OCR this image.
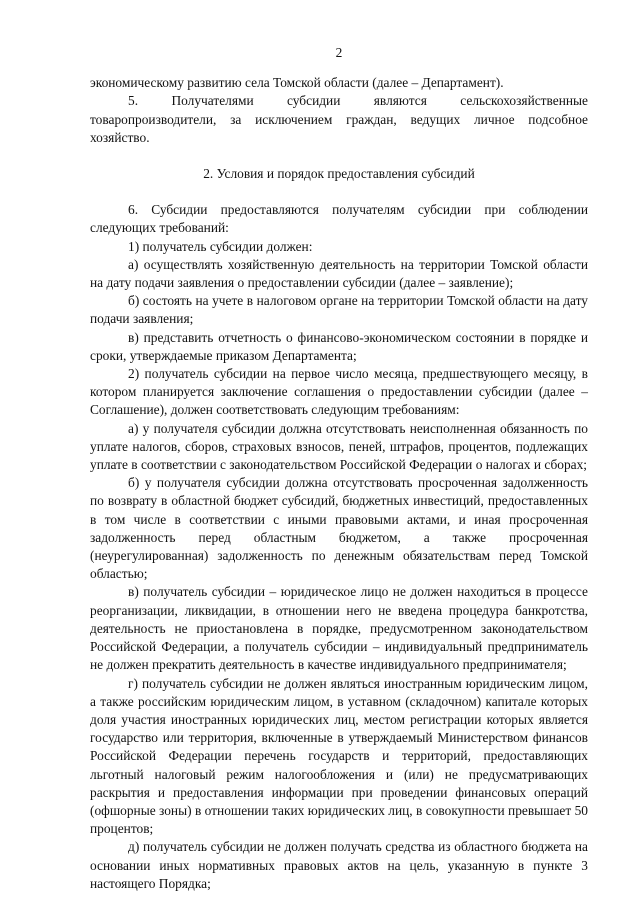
2

экономическому развитию села Томской области (далее – Департамент).

5. Получателями субсидии являются сельскохозяйственные товаропроизводители, за исключением граждан, ведущих личное подсобное хозяйство.

2. Условия и порядок предоставления субсидий

6. Субсидии предоставляются получателям субсидии при соблюдении следующих требований:

1) получатель субсидии должен:

а) осуществлять хозяйственную деятельность на территории Томской области на дату подачи заявления о предоставлении субсидии (далее – заявление);

б) состоять на учете в налоговом органе на территории Томской области на дату подачи заявления;

в) представить отчетность о финансово-экономическом состоянии в порядке и сроки, утверждаемые приказом Департамента;

2) получатель субсидии на первое число месяца, предшествующего месяцу, в котором планируется заключение соглашения о предоставлении субсидии (далее – Соглашение), должен соответствовать следующим требованиям:

а) у получателя субсидии должна отсутствовать неисполненная обязанность по уплате налогов, сборов, страховых взносов, пеней, штрафов, процентов, подлежащих уплате в соответствии с законодательством Российской Федерации о налогах и сборах;

б) у получателя субсидии должна отсутствовать просроченная задолженность по возврату в областной бюджет субсидий, бюджетных инвестиций, предоставленных в том числе в соответствии с иными правовыми актами, и иная просроченная задолженность перед областным бюджетом, а также просроченная (неурегулированная) задолженность по денежным обязательствам перед Томской областью;

в) получатель субсидии – юридическое лицо не должен находиться в процессе реорганизации, ликвидации, в отношении него не введена процедура банкротства, деятельность не приостановлена в порядке, предусмотренном законодательством Российской Федерации, а получатель субсидии – индивидуальный предприниматель не должен прекратить деятельность в качестве индивидуального предпринимателя;

г) получатель субсидии не должен являться иностранным юридическим лицом, а также российским юридическим лицом, в уставном (складочном) капитале которых доля участия иностранных юридических лиц, местом регистрации которых является государство или территория, включенные в утверждаемый Министерством финансов Российской Федерации перечень государств и территорий, предоставляющих льготный налоговый режим налогообложения и (или) не предусматривающих раскрытия и предоставления информации при проведении финансовых операций (офшорные зоны) в отношении таких юридических лиц, в совокупности превышает 50 процентов;

д) получатель субсидии не должен получать средства из областного бюджета на основании иных нормативных правовых актов на цель, указанную в пункте 3 настоящего Порядка;
